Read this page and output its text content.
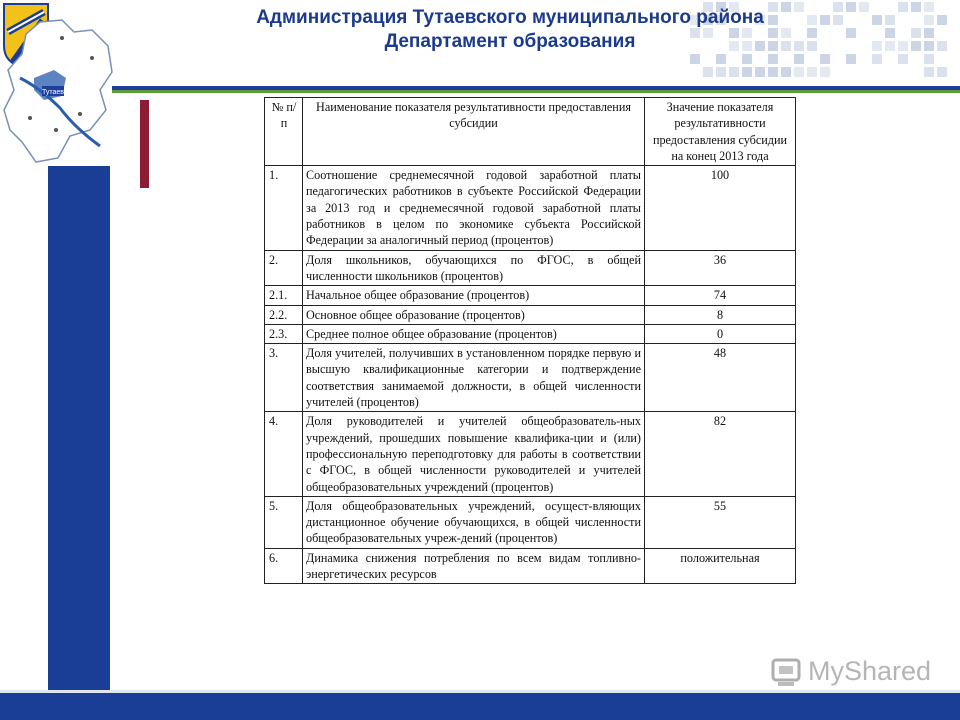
Тутаев
Администрация Тутаевского муниципального района
Департамент образования
№ п/п	Наименование показателя результативности предоставления субсидии	Значение показателя результативности предоставления субсидии на конец 2013 года
1.	Соотношение среднемесячной годовой заработной платы педагогических работников в субъекте Российской Федерации за 2013 год и среднемесячной годовой заработной платы работников в целом по экономике субъекта Российской Федерации за аналогичный период (процентов)	100
2.	Доля школьников, обучающихся по ФГОС, в общей численности школьников (процентов)	36
2.1.	Начальное общее образование (процентов)	74
2.2.	Основное общее образование (процентов)	8
2.3.	Среднее полное общее образование (процентов)	0
3.	Доля учителей, получивших в установленном порядке первую и высшую квалификационные категории и подтверждение соответствия занимаемой должности, в общей численности учителей (процентов)	48
4.	Доля руководителей и учителей общеобразователь-ных учреждений, прошедших повышение квалифика-ции и (или) профессиональную переподготовку для работы в соответствии с ФГОС, в общей численности руководителей и учителей общеобразовательных учреждений (процентов)	82
5.	Доля общеобразовательных учреждений, осущест-вляющих дистанционное обучение обучающихся, в общей численности общеобразовательных учреж-дений (процентов)	55
6.	Динамика снижения потребления по всем видам топливно-энергетических ресурсов	положительная
MyShared
